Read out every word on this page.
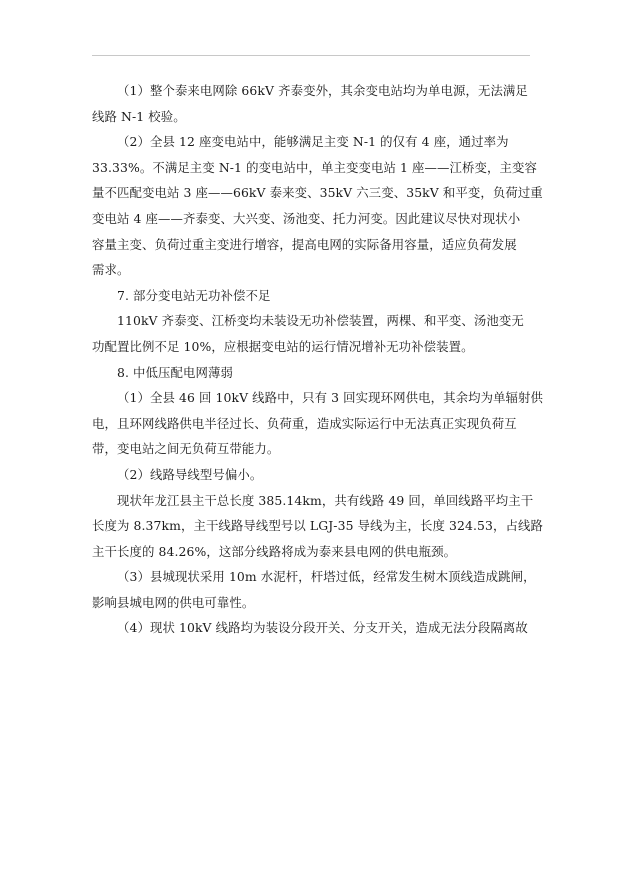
（1）整个泰来电网除 66kV 齐泰变外，其余变电站均为单电源，无法满足
线路 N-1 校验。
（2）全县 12 座变电站中，能够满足主变 N-1 的仅有 4 座，通过率为
33.33%。不满足主变 N-1 的变电站中，单主变变电站 1 座——江桥变，主变容
量不匹配变电站 3 座——66kV 泰来变、35kV 六三变、35kV 和平变，负荷过重
变电站 4 座——齐泰变、大兴变、汤池变、托力河变。因此建议尽快对现状小
容量主变、负荷过重主变进行增容，提高电网的实际备用容量，适应负荷发展
需求。
7. 部分变电站无功补偿不足
110kV 齐泰变、江桥变均未装设无功补偿装置，两棵、和平变、汤池变无
功配置比例不足 10%，应根据变电站的运行情况增补无功补偿装置。
8. 中低压配电网薄弱
（1）全县 46 回 10kV 线路中，只有 3 回实现环网供电，其余均为单辐射供
电，且环网线路供电半径过长、负荷重，造成实际运行中无法真正实现负荷互
带，变电站之间无负荷互带能力。
（2）线路导线型号偏小。
现状年龙江县主干总长度 385.14km，共有线路 49 回，单回线路平均主干
长度为 8.37km，主干线路导线型号以 LGJ-35 导线为主，长度 324.53，占线路
主干长度的 84.26%，这部分线路将成为泰来县电网的供电瓶颈。
（3）县城现状采用 10m 水泥杆，杆塔过低，经常发生树木顶线造成跳闸，
影响县城电网的供电可靠性。
（4）现状 10kV 线路均为装设分段开关、分支开关，造成无法分段隔离故
